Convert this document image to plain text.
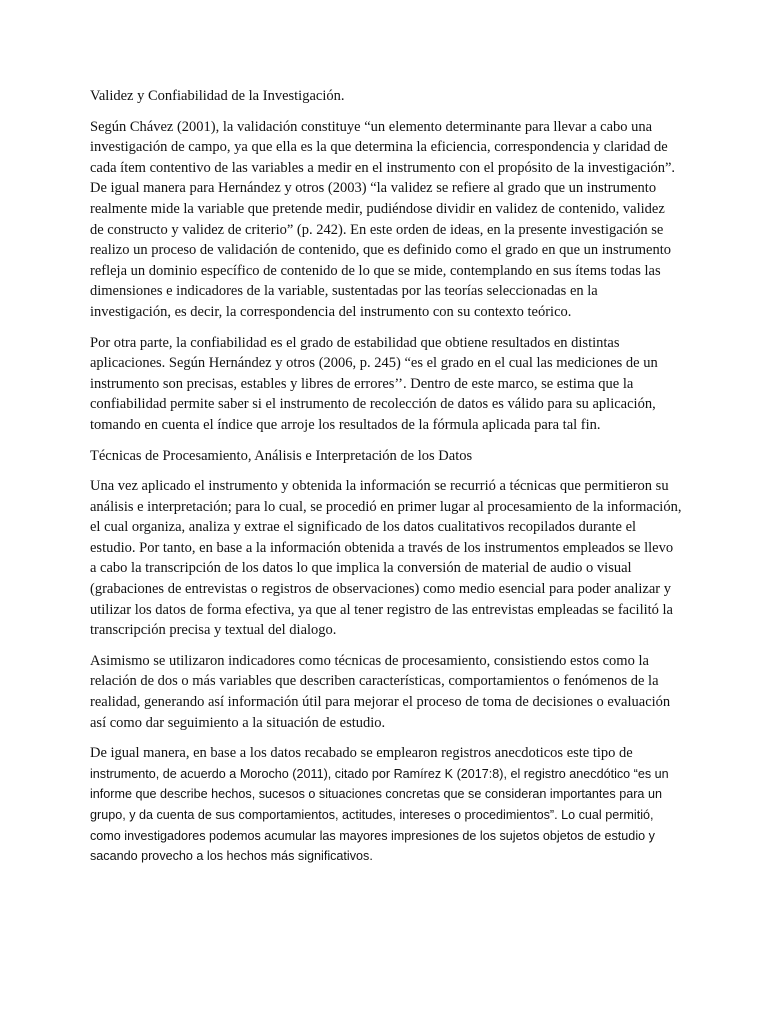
Validez y Confiabilidad de la Investigación.

Según Chávez (2001), la validación constituye “un elemento determinante para llevar a cabo una investigación de campo, ya que ella es la que determina la eficiencia, correspondencia y claridad de cada ítem contentivo de las variables a medir en el instrumento con el propósito de la investigación”. De igual manera para Hernández y otros (2003) “la validez se refiere al grado que un instrumento realmente mide la variable que pretende medir, pudiéndose dividir en validez de contenido, validez de constructo y validez de criterio” (p. 242). En este orden de ideas, en la presente investigación se realizo un proceso de validación de contenido, que es definido como el grado en que un instrumento refleja un dominio específico de contenido de lo que se mide, contemplando en sus ítems todas las dimensiones e indicadores de la variable, sustentadas por las teorías seleccionadas en la investigación, es decir, la correspondencia del instrumento con su contexto teórico.

Por otra parte, la confiabilidad es el grado de estabilidad que obtiene resultados en distintas aplicaciones. Según Hernández y otros (2006, p. 245) “es el grado en el cual las mediciones de un instrumento son precisas, estables y libres de errores’’. Dentro de este marco, se estima que la confiabilidad permite saber si el instrumento de recolección de datos es válido para su aplicación, tomando en cuenta el índice que arroje los resultados de la fórmula aplicada para tal fin.

Técnicas de Procesamiento, Análisis e Interpretación de los Datos

Una vez aplicado el instrumento y obtenida la información se recurrió a técnicas que permitieron su análisis e interpretación; para lo cual, se procedió en primer lugar al procesamiento de la información, el cual organiza, analiza y extrae el significado de los datos cualitativos recopilados durante el estudio. Por tanto, en base a la información obtenida a través de los instrumentos empleados se llevo a cabo la transcripción de los datos lo que implica la conversión de material de audio o visual (grabaciones de entrevistas o registros de observaciones) como medio esencial para poder analizar y utilizar los datos de forma efectiva, ya que al tener registro de las entrevistas empleadas se facilitó la transcripción precisa y textual del dialogo.

Asimismo se utilizaron indicadores como técnicas de procesamiento, consistiendo estos como la relación de dos o más variables que describen características, comportamientos o fenómenos de la realidad, generando así información útil para mejorar el proceso de toma de decisiones o evaluación así como dar seguimiento a la situación de estudio.

De igual manera, en base a los datos recabado se emplearon registros anecdoticos este tipo de
instrumento, de acuerdo a Morocho (2011), citado por Ramírez K (2017:8), el registro anecdótico “es un informe que describe hechos, sucesos o situaciones concretas que se consideran importantes para un grupo, y da cuenta de sus comportamientos, actitudes, intereses o procedimientos”. Lo cual permitió, como investigadores podemos acumular las mayores impresiones de los sujetos objetos de estudio y sacando provecho a los hechos más significativos.
